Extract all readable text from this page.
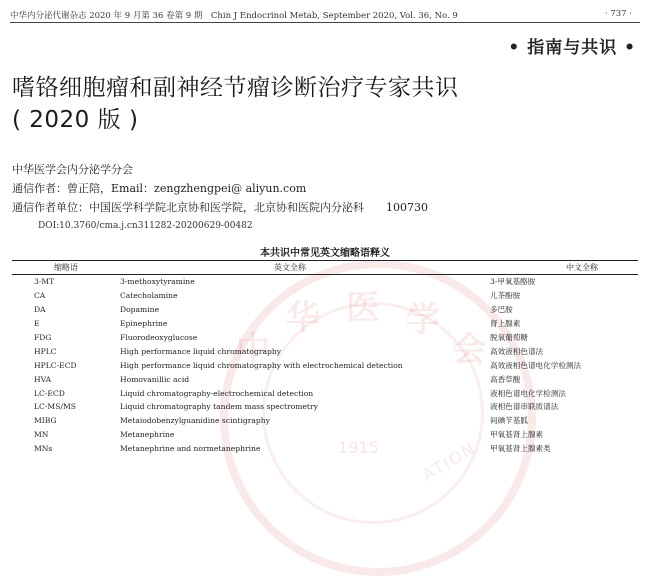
中
华 医 学
会
1915	ATION
中华内分泌代谢杂志 2020 年 9 月第 36 卷第 9 期　Chin J Endocrinol Metab, September 2020, Vol. 36, No. 9	· 737 ·
• 指南与共识 •
嗜铬细胞瘤和副神经节瘤诊断治疗专家共识
( 2020 版 )
中华医学会内分泌学分会
通信作者：曾正陪，Email：zengzhengpei@ aliyun.com
通信作者单位：中国医学科学院北京协和医学院，北京协和医院内分泌科 100730
DOI:10.3760/cma.j.cn311282-20200629-00482
本共识中常见英文缩略语释义
缩略语	英文全称	中文全称
3-MT	3-methoxytyramine	3-甲氧基酪胺
CA	Catecholamine	儿茶酚胺
DA	Dopamine	多巴胺
E	Epinephrine	肾上腺素
FDG	Fluorodeoxyglucose	脱氧葡萄糖
HPLC	High performance liquid chromatography	高效液相色谱法
HPLC-ECD	High performance liquid chromatography with electrochemical detection	高效液相色谱电化学检测法
HVA	Homovanillic acid	高香草酸
LC-ECD	Liquid chromatography-electrochemical detection	液相色谱电化学检测法
LC-MS/MS	Liquid chromatography tandem mass spectrometry	液相色谱串联质谱法
MIBG	Metaiodobenzylguanidine scintigraphy	间碘苄基胍
MN	Metanephrine	甲氧基肾上腺素
MNs	Metanephrine and normetanephrine	甲氧基肾上腺素类
